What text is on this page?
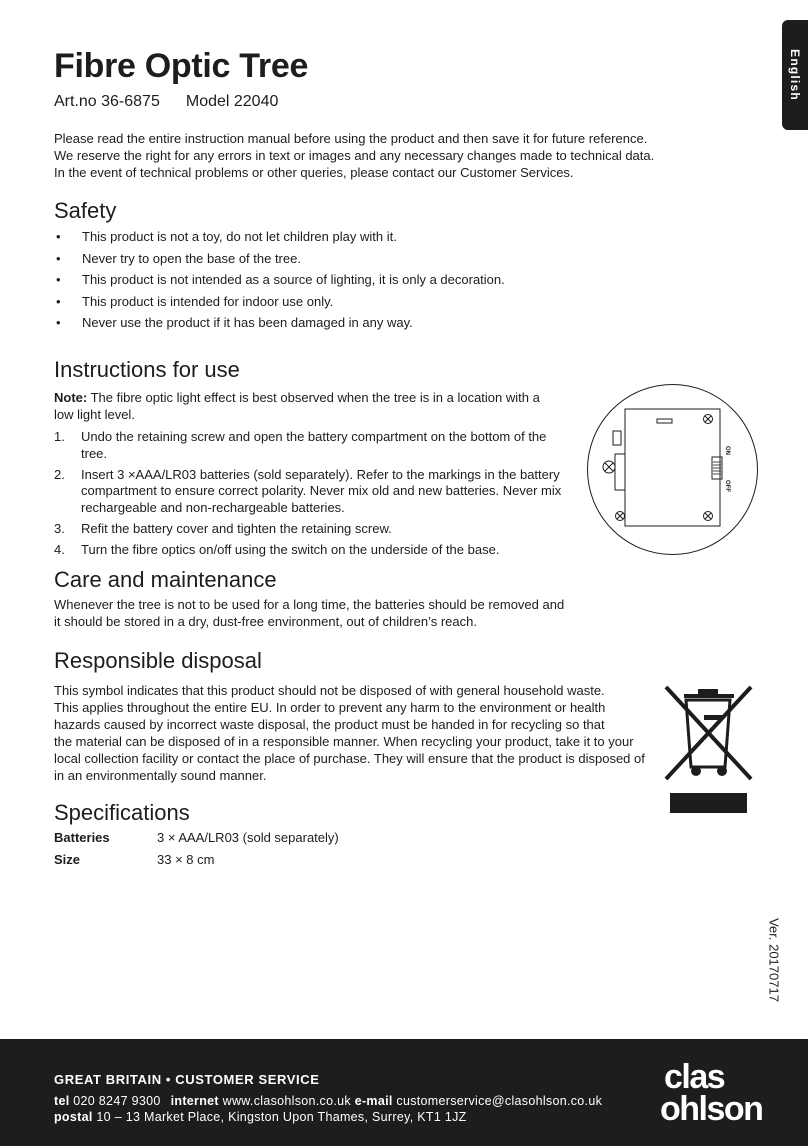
English
Fibre Optic Tree
Art.no 36-6875 Model 22040

Please read the entire instruction manual before using the product and then save it for future reference.

We reserve the right for any errors in text or images and any necessary changes made to technical data.

In the event of technical problems or other queries, please contact our Customer Services.

Safety
• This product is not a toy, do not let children play with it.
• Never try to open the base of the tree.
• This product is not intended as a source of lighting, it is only a decoration.
• This product is intended for indoor use only.
• Never use the product if it has been damaged in any way.
Instructions for use
Note: The fibre optic light effect is best observed when the tree is in a location with a low light level.
1. Undo the retaining screw and open the battery compartment on the bottom of the tree.
2. Insert 3 ×AAA/LR03 batteries (sold separately). Refer to the markings in the battery compartment to ensure correct polarity. Never mix old and new batteries. Never mix rechargeable and non-rechargeable batteries.
3. Refit the battery cover and tighten the retaining screw.
4. Turn the fibre optics on/off using the switch on the underside of the base.
ON
OFF
Care and maintenance
Whenever the tree is not to be used for a long time, the batteries should be removed and it should be stored in a dry, dust-free environment, out of children’s reach.
Responsible disposal
This symbol indicates that this product should not be disposed of with general household waste.
This applies throughout the entire EU. In order to prevent any harm to the environment or health
hazards caused by incorrect waste disposal, the product must be handed in for recycling so that
the material can be disposed of in a responsible manner. When recycling your product, take it to your
local collection facility or contact the place of purchase. They will ensure that the product is disposed of
in an environmentally sound manner.
Specifications
Batteries	3 × AAA/LR03 (sold separately)
Size	33 × 8 cm
Ver. 20170717
GREAT BRITAIN • CUSTOMER SERVICE
tel 020 8247 9300 internet www.clasohlson.co.uk e-mail customerservice@clasohlson.co.uk
postal 10 – 13 Market Place, Kingston Upon Thames, Surrey, KT1 1JZ
clas
ohlson
